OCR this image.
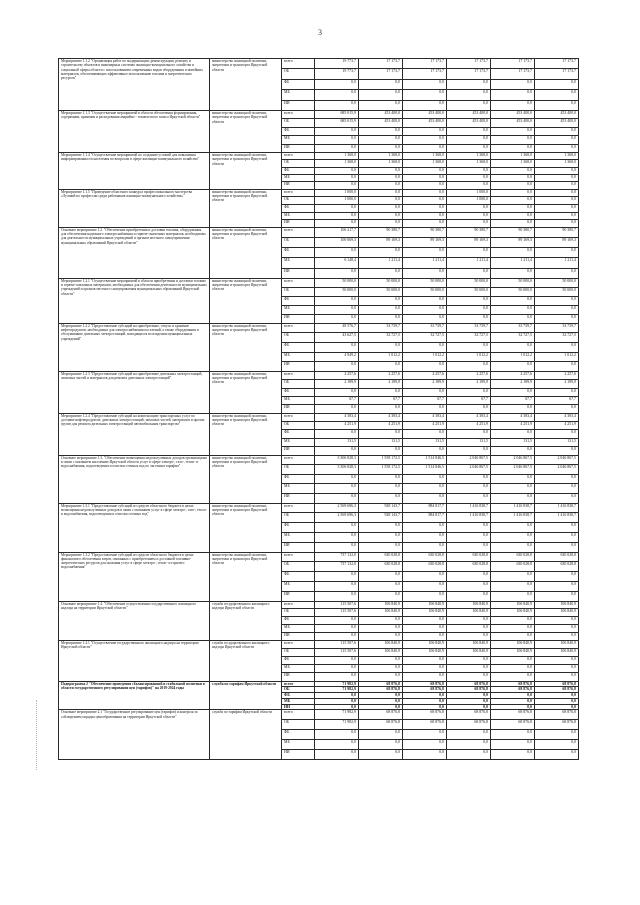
3
Мероприятие 1.1.2 "Организация работ по модернизации, реконструкции, ремонту и строительству объектов в инженерных системах жилищно-коммунального хозяйства и социальной сферы области с использованием современных видов оборудования и новейших материалов, обеспечивающих эффективное использование топлива и энергетических ресурсов"	министерство жилищной политики, энергетики и транспорта Иркутской области	всего	19 773,7	17 173,7	17 173,7	17 173,7	17 173,7	17 173,7
		ОБ	19 773,7	17 173,7	17 173,7	17 173,7	17 173,7	17 173,7
		ФБ	0,0	0,0	0,0	0,0	0,0	0,0
		МБ	0,0	0,0	0,0	0,0	0,0	0,0
		ИИ	0,0	0,0	0,0	0,0	0,0	0,0
Мероприятие 1.1.3 "Осуществление мероприятий в области обеспечения формирования, содержания, хранения и расходования аварийно - технического запаса Иркутской области"	министерство жилищной политики, энергетики и транспорта Иркутской области	всего	685 015,9	453 400,0	453 400,0	453 400,0	453 400,0	453 400,0
		ОБ	685 015,9	453 400,0	453 400,0	453 400,0	453 400,0	453 400,0
		ФБ	0,0	0,0	0,0	0,0	0,0	0,0
		МБ	0,0	0,0	0,0	0,0	0,0	0,0
		ИИ	0,0	0,0	0,0	0,0	0,0	0,0
Мероприятие 1.1.4 "Осуществление мероприятий по созданию условий для повышения информированности населения по вопросам в сфере жилищно-коммунального хозяйства"	министерство жилищной политики, энергетики и транспорта Иркутской области	всего	1 368,0	1 368,0	1 368,0	1 368,0	1 368,0	1 368,0
		ОБ	1 368,0	1 368,0	1 368,0	1 368,0	1 368,0	1 368,0
		ФБ	0,0	0,0	0,0	0,0	0,0	0,0
		МБ	0,0	0,0	0,0	0,0	0,0	0,0
		ИИ	0,0	0,0	0,0	0,0	0,0	0,0
Мероприятие 1.1.5 "Проведение областного конкурса профессионального мастерства «Лучший по профессии среди работников жилищно-коммунального хозяйства»"	министерство жилищной политики, энергетики и транспорта Иркутской области	всего	1 000,0	0,0	0,0	1 000,0	0,0	0,0
		ОБ	1 000,0	0,0	0,0	1 000,0	0,0	0,0
		ФБ	0,0	0,0	0,0	0,0	0,0	0,0
		МБ	0,0	0,0	0,0	0,0	0,0	0,0
		ИИ	0,0	0,0	0,0	0,0	0,0	0,0
Основное мероприятие 1.2. "Обеспечение приобретения и доставки топлива, оборудования для обеспечения надежного электроснабжения и горюче-смазочных материалов, необходимых для деятельности муниципальных учреждений и органов местного самоуправления муниципальных образований Иркутской области"	министерство жилищной политики, энергетики и транспорта Иркутской области	всего	106 217,7	90 380,7	90 380,7	90 380,7	90 380,7	90 380,7
		ОБ	100 069,3	89 169,3	89 169,3	89 169,3	89 169,3	89 169,3
		ФБ	0,0	0,0	0,0	0,0	0,0	0,0
		МБ	6 148,4	1 211,4	1 211,4	1 211,4	1 211,4	1 211,4
		ИИ	0,0	0,0	0,0	0,0	0,0	0,0
Мероприятие 1.2.1 "Осуществление мероприятий в области приобретения и доставки топлива и горюче-смазочных материалов, необходимых для обеспечения деятельности муниципальных учреждений и органов местного самоуправления муниципальных образований Иркутской области"	министерство жилищной политики, энергетики и транспорта Иркутской области	всего	50 000,0	50 000,0	50 000,0	50 000,0	50 000,0	50 000,0
		ОБ	50 000,0	50 000,0	50 000,0	50 000,0	50 000,0	50 000,0
		ФБ	0,0	0,0	0,0	0,0	0,0	0,0
		МБ	0,0	0,0	0,0	0,0	0,0	0,0
		ИИ	0,0	0,0	0,0	0,0	0,0	0,0
Мероприятие 1.2.2 "Предоставление субсидий на приобретение, отпуск и хранение нефтепродуктов, необходимых для электроснабжения поселений, а также оборудования и обслуживание дизельных электростанций, находящихся во владении муниципальных учреждений"	министерство жилищной политики, энергетики и транспорта Иркутской области	всего	48 576,7	33 739,7	33 739,7	33 739,7	33 739,7	33 739,7
		ОБ	43 627,5	32 727,5	32 727,5	32 727,5	32 727,5	32 727,5
		ФБ	0,0	0,0	0,0	0,0	0,0	0,0
		МБ	4 949,2	1 012,2	1 012,2	1 012,2	1 012,2	1 012,2
		ИИ	0,0	0,0	0,0	0,0	0,0	0,0
Мероприятие 1.2.3 "Предоставление субсидий на приобретение дизельных электростанций, запасных частей и материалов для ремонта дизельных электростанций"	министерство жилищной политики, энергетики и транспорта Иркутской области	всего	2 257,6	2 257,6	2 257,6	2 257,6	2 257,6	2 257,6
		ОБ	2 189,9	2 189,9	2 189,9	2 189,9	2 189,9	2 189,9
		ФБ	0,0	0,0	0,0	0,0	0,0	0,0
		МБ	67,7	67,7	67,7	67,7	67,7	67,7
		ИИ	0,0	0,0	0,0	0,0	0,0	0,0
Мероприятие 1.2.4 "Предоставление субсидий на компенсацию транспортных услуг по доставке нефтепродуктов, дизельных электростанций, запасных частей, материалов и прочих грузов для ремонта дизельных электростанций автомобильным транспортом"	министерство жилищной политики, энергетики и транспорта Иркутской области	всего	4 383,4	4 383,4	4 383,4	4 383,4	4 383,4	4 383,4
		ОБ	4 251,9	4 251,9	4 251,9	4 251,9	4 251,9	4 251,9
		ФБ	0,0	0,0	0,0	0,0	0,0	0,0
		МБ	131,5	131,5	131,5	131,5	131,5	131,5
		ИИ	0,0	0,0	0,0	0,0	0,0	0,0
Основное мероприятие 1.3. "Обеспечение возмещения недополученных доходов организациям в связи с оказанием населению Иркутской области услуг в сфере электро-, газо-, тепло- и водоснабжения, водоотведения и очистки сточных вод по льготным тарифам"	министерство жилищной политики, энергетики и транспорта Иркутской области	всего	3 306 828,3	1 558 172,5	1 514 846,5	2 046 867,5	2 046 867,5	2 046 867,5
		ОБ	3 306 828,3	1 558 172,5	1 514 846,5	2 046 867,5	2 046 867,5	2 046 867,5
		ФБ	0,0	0,0	0,0	0,0	0,0	0,0
		МБ	0,0	0,0	0,0	0,0	0,0	0,0
		ИИ	0,0	0,0	0,0	0,0	0,0	0,0
Мероприятие 1.3.1 "Предоставление субсидий из средств областного бюджета в целях возмещения недополученных доходов в связи с оказанием услуг в сфере электро-, газо-, тепло- и водоснабжения, водоотведения и очистки сточных вод"	министерство жилищной политики, энергетики и транспорта Иркутской области	всего	2 569 696,3	928 143,7	884 817,7	1 416 838,7	1 416 838,7	1 416 838,7
		ОБ	2 569 696,3	928 143,7	884 817,7	1 416 838,7	1 416 838,7	1 416 838,7
		ФБ	0,0	0,0	0,0	0,0	0,0	0,0
		МБ	0,0	0,0	0,0	0,0	0,0	0,0
		ИИ	0,0	0,0	0,0	0,0	0,0	0,0
Мероприятие 1.3.2 "Предоставление субсидий из средств областного бюджета в целях финансового обеспечения затрат, связанных с приобретением и доставкой топливно-энергетических ресурсов для оказания услуг в сфере электро-, тепло- и горячего водоснабжения"	министерство жилищной политики, энергетики и транспорта Иркутской области	всего	737 132,0	630 028,8	630 028,8	630 028,8	630 028,8	630 028,8
		ОБ	737 132,0	630 028,8	630 028,8	630 028,8	630 028,8	630 028,8
		ФБ	0,0	0,0	0,0	0,0	0,0	0,0
		МБ	0,0	0,0	0,0	0,0	0,0	0,0
		ИИ	0,0	0,0	0,0	0,0	0,0	0,0
Основное мероприятие 1.4. "Обеспечение осуществления государственного жилищного надзора на территории Иркутской области"	служба государственного жилищного надзора Иркутской области	всего	115 507,6	106 840,9	106 840,9	106 840,9	106 840,9	106 840,9
		ОБ	115 507,6	106 840,9	106 840,9	106 840,9	106 840,9	106 840,9
		ФБ	0,0	0,0	0,0	0,0	0,0	0,0
		МБ	0,0	0,0	0,0	0,0	0,0	0,0
		ИИ	0,0	0,0	0,0	0,0	0,0	0,0
Мероприятие 1.4.1 "Осуществление государственного жилищного надзора на территории Иркутской области"	служба государственного жилищного надзора Иркутской области	всего	115 507,6	106 840,9	106 840,9	106 840,9	106 840,9	106 840,9
		ОБ	115 507,6	106 840,9	106 840,9	106 840,9	106 840,9	106 840,9
		ФБ	0,0	0,0	0,0	0,0	0,0	0,0
		МБ	0,0	0,0	0,0	0,0	0,0	0,0
		ИИ	0,0	0,0	0,0	0,0	0,0	0,0
Подпрограмма 2 "Обеспечение проведения сбалансированной и стабильной политики в области государственного регулирования цен (тарифов)" на 2019-2024 годы	служба по тарифам Иркутской области	всего	71 982,9	68 876,8	68 876,8	68 876,8	68 876,8	68 876,8
		ОБ	71 982,9	68 876,8	68 876,8	68 876,8	68 876,8	68 876,8
		ФБ	0,0	0,0	0,0	0,0	0,0	0,0
		МБ	0,0	0,0	0,0	0,0	0,0	0,0
		ИИ	0,0	0,0	0,0	0,0	0,0	0,0
Основное мероприятие 2.1 "Государственное регулирование цен (тарифов) и контроля за соблюдением порядка ценообразования на территории Иркутской области"	служба по тарифам Иркутской области	всего	71 982,9	68 876,8	68 876,8	68 876,8	68 876,8	68 876,8
		ОБ	71 982,9	68 876,8	68 876,8	68 876,8	68 876,8	68 876,8
		ФБ	0,0	0,0	0,0	0,0	0,0	0,0
		МБ	0,0	0,0	0,0	0,0	0,0	0,0
		ИИ	0,0	0,0	0,0	0,0	0,0	0,0
